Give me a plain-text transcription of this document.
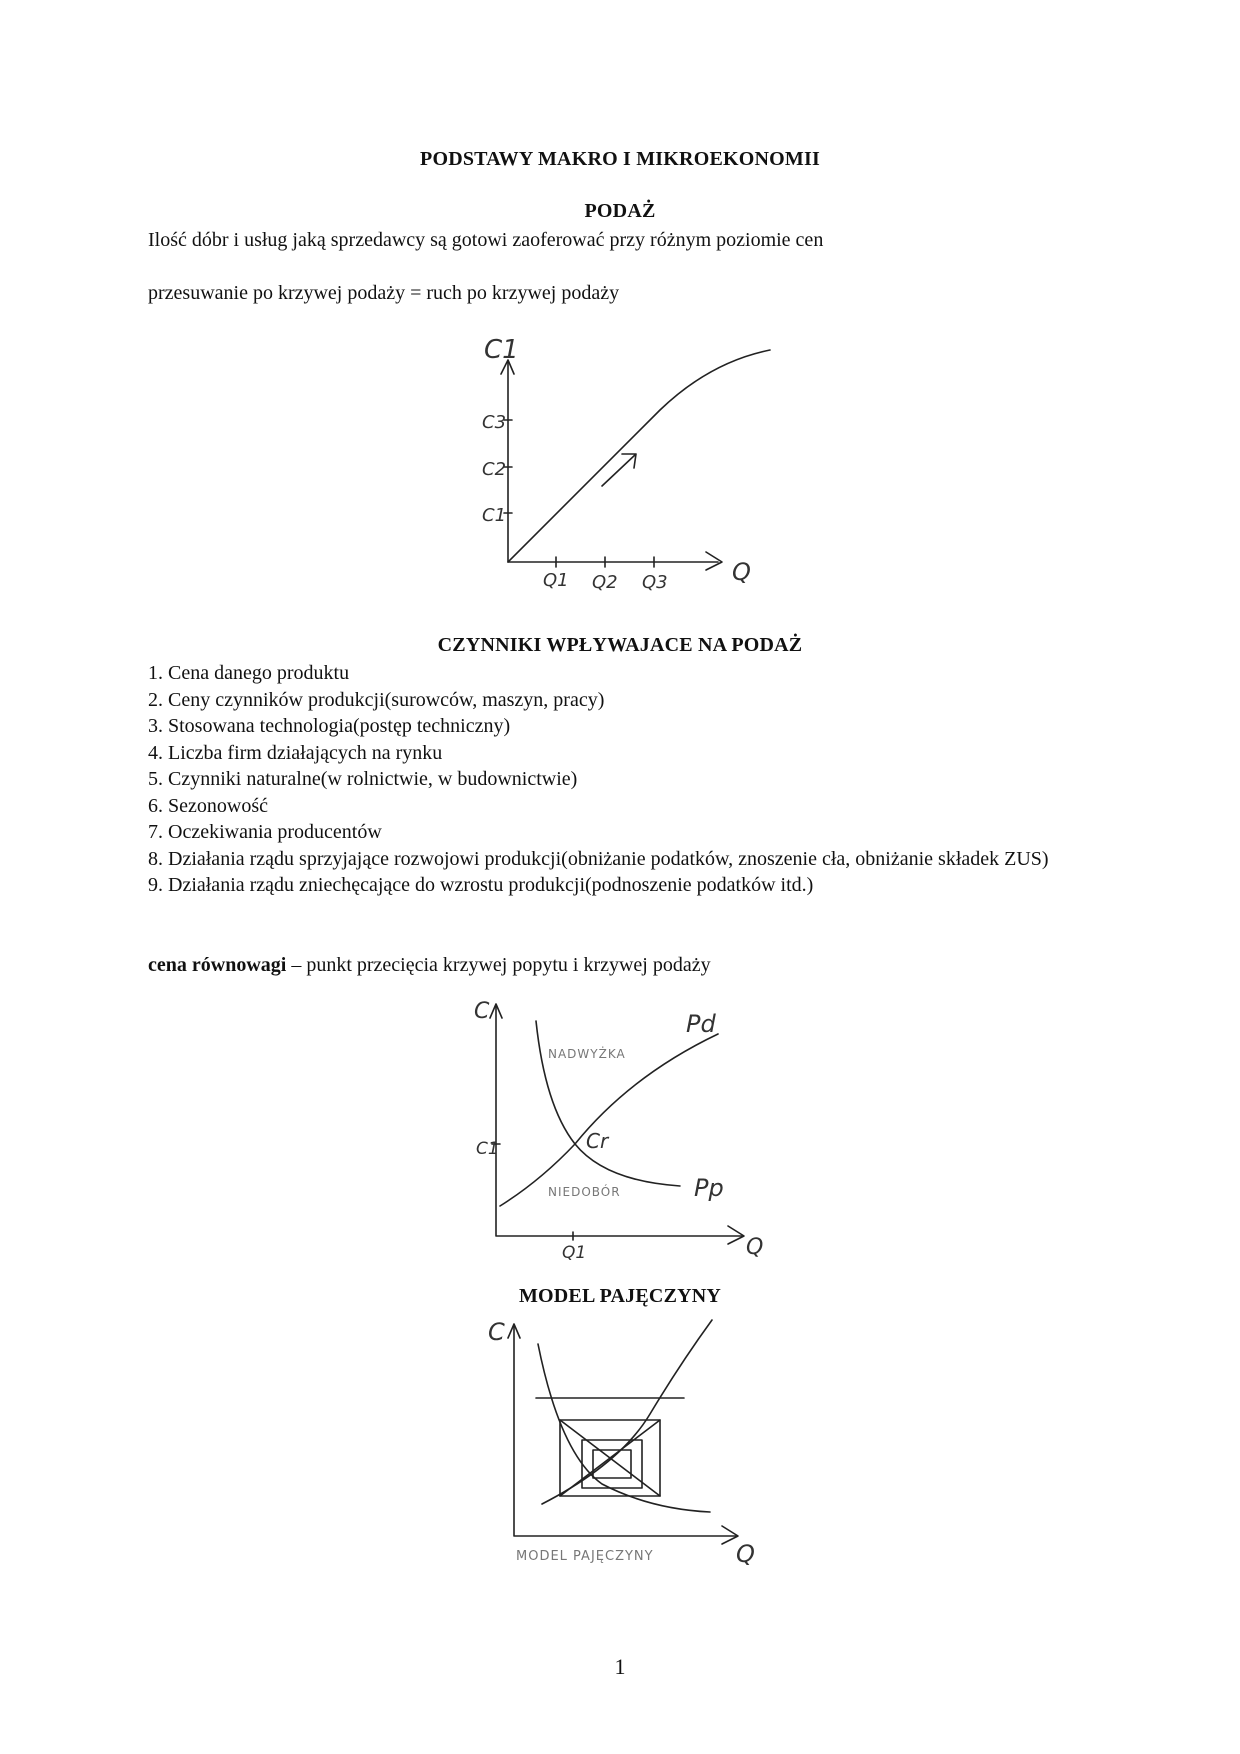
PODSTAWY MAKRO I MIKROEKONOMII
PODAŻ
Ilość dóbr i usług jaką sprzedawcy są gotowi zaoferować przy różnym poziomie cen
przesuwanie po krzywej podaży = ruch po krzywej podaży
C1
Q
C3
C2
C1
Q1 Q2 Q3
CZYNNIKI WPŁYWAJACE NA PODAŻ
1. Cena danego produktu
2. Ceny czynników produkcji(surowców, maszyn, pracy)
3. Stosowana technologia(postęp techniczny)
4. Liczba firm działających na rynku
5. Czynniki naturalne(w rolnictwie, w budownictwie)
6. Sezonowość
7. Oczekiwania producentów
8. Działania rządu sprzyjające rozwojowi produkcji(obniżanie podatków, znoszenie cła, obniżanie składek ZUS)
9. Działania rządu zniechęcające do wzrostu produkcji(podnoszenie podatków itd.)
cena równowagi – punkt przecięcia krzywej popytu i krzywej podaży
C
Q
C1
Q1
Pd
Pp
Cr
NADWYŻKA
NIEDOBÓR
MODEL PAJĘCZYNY
C
Q
MODEL PAJĘCZYNY
1
